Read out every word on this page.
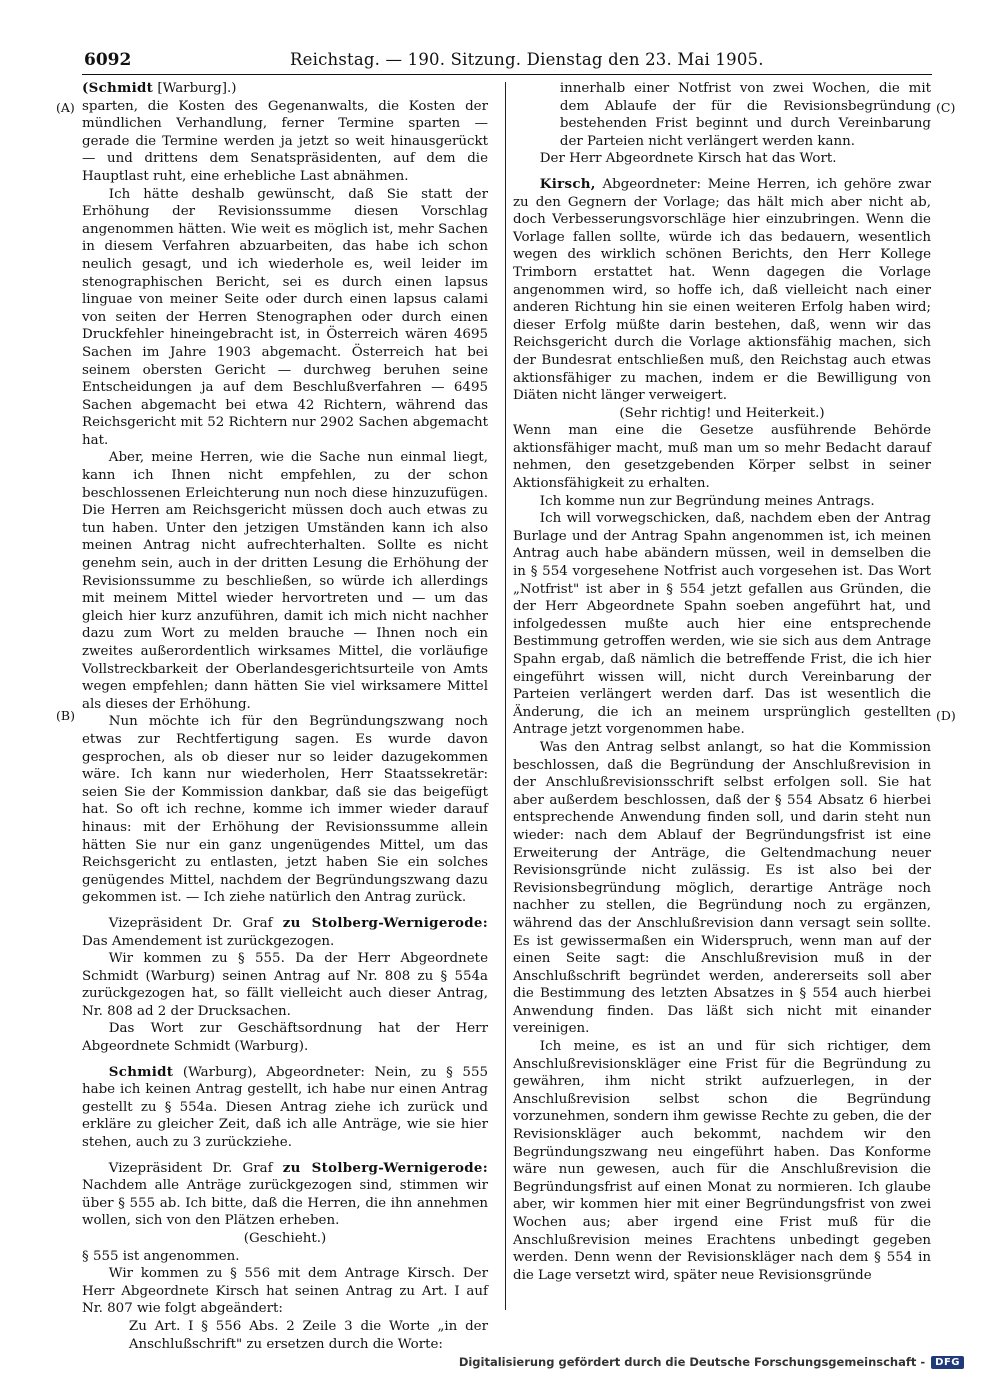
6092	Reichstag. — 190. Sitzung. Dienstag den 23. Mai 1905.
(A)
(B)
(C)
(D)

(Schmidt [Warburg].)

sparten, die Kosten des Gegenanwalts, die Kosten der mündlichen Verhandlung, ferner Termine sparten — gerade die Termine werden ja jetzt so weit hinausgerückt — und drittens dem Senatspräsidenten, auf dem die Hauptlast ruht, eine erhebliche Last abnähmen.

Ich hätte deshalb gewünscht, daß Sie statt der Erhöhung der Revisionssumme diesen Vorschlag angenommen hätten. Wie weit es möglich ist, mehr Sachen in diesem Verfahren abzuarbeiten, das habe ich schon neulich gesagt, und ich wiederhole es, weil leider im stenographischen Bericht, sei es durch einen lapsus linguae von meiner Seite oder durch einen lapsus calami von seiten der Herren Stenographen oder durch einen Druckfehler hineingebracht ist, in Österreich wären 4695 Sachen im Jahre 1903 abgemacht. Österreich hat bei seinem obersten Gericht — durchweg beruhen seine Entscheidungen ja auf dem Beschlußverfahren — 6495 Sachen abgemacht bei etwa 42 Richtern, während das Reichsgericht mit 52 Richtern nur 2902 Sachen abgemacht hat.

Aber, meine Herren, wie die Sache nun einmal liegt, kann ich Ihnen nicht empfehlen, zu der schon beschlossenen Erleichterung nun noch diese hinzuzufügen. Die Herren am Reichsgericht müssen doch auch etwas zu tun haben. Unter den jetzigen Umständen kann ich also meinen Antrag nicht aufrechterhalten. Sollte es nicht genehm sein, auch in der dritten Lesung die Erhöhung der Revisionssumme zu beschließen, so würde ich allerdings mit meinem Mittel wieder hervortreten und — um das gleich hier kurz anzuführen, damit ich mich nicht nachher dazu zum Wort zu melden brauche — Ihnen noch ein zweites außerordentlich wirksames Mittel, die vorläufige Vollstreckbarkeit der Oberlandesgerichtsurteile von Amts wegen empfehlen; dann hätten Sie viel wirksamere Mittel als dieses der Erhöhung.

Nun möchte ich für den Begründungszwang noch etwas zur Rechtfertigung sagen. Es wurde davon gesprochen, als ob dieser nur so leider dazugekommen wäre. Ich kann nur wiederholen, Herr Staatssekretär: seien Sie der Kommission dankbar, daß sie das beigefügt hat. So oft ich rechne, komme ich immer wieder darauf hinaus: mit der Erhöhung der Revisionssumme allein hätten Sie nur ein ganz ungenügendes Mittel, um das Reichsgericht zu entlasten, jetzt haben Sie ein solches genügendes Mittel, nachdem der Begründungszwang dazu gekommen ist. — Ich ziehe natürlich den Antrag zurück.

Vizepräsident Dr. Graf zu Stolberg-Wernigerode: Das Amendement ist zurückgezogen.

Wir kommen zu § 555. Da der Herr Abgeordnete Schmidt (Warburg) seinen Antrag auf Nr. 808 zu § 554a zurückgezogen hat, so fällt vielleicht auch dieser Antrag, Nr. 808 ad 2 der Drucksachen.

Das Wort zur Geschäftsordnung hat der Herr Abgeordnete Schmidt (Warburg).

Schmidt (Warburg), Abgeordneter: Nein, zu § 555 habe ich keinen Antrag gestellt, ich habe nur einen Antrag gestellt zu § 554a. Diesen Antrag ziehe ich zurück und erkläre zu gleicher Zeit, daß ich alle Anträge, wie sie hier stehen, auch zu 3 zurückziehe.

Vizepräsident Dr. Graf zu Stolberg-Wernigerode: Nachdem alle Anträge zurückgezogen sind, stimmen wir über § 555 ab. Ich bitte, daß die Herren, die ihn annehmen wollen, sich von den Plätzen erheben.

(Geschieht.)

§ 555 ist angenommen.

Wir kommen zu § 556 mit dem Antrage Kirsch. Der Herr Abgeordnete Kirsch hat seinen Antrag zu Art. I auf Nr. 807 wie folgt abgeändert:

Zu Art. I § 556 Abs. 2 Zeile 3 die Worte „in der Anschlußschrift" zu ersetzen durch die Worte:

innerhalb einer Notfrist von zwei Wochen, die mit dem Ablaufe der für die Revisionsbegründung bestehenden Frist beginnt und durch Vereinbarung der Parteien nicht verlängert werden kann.

Der Herr Abgeordnete Kirsch hat das Wort.

Kirsch, Abgeordneter: Meine Herren, ich gehöre zwar zu den Gegnern der Vorlage; das hält mich aber nicht ab, doch Verbesserungsvorschläge hier einzubringen. Wenn die Vorlage fallen sollte, würde ich das bedauern, wesentlich wegen des wirklich schönen Berichts, den Herr Kollege Trimborn erstattet hat. Wenn dagegen die Vorlage angenommen wird, so hoffe ich, daß vielleicht nach einer anderen Richtung hin sie einen weiteren Erfolg haben wird; dieser Erfolg müßte darin bestehen, daß, wenn wir das Reichsgericht durch die Vorlage aktionsfähig machen, sich der Bundesrat entschließen muß, den Reichstag auch etwas aktionsfähiger zu machen, indem er die Bewilligung von Diäten nicht länger verweigert.

(Sehr richtig! und Heiterkeit.)

Wenn man eine die Gesetze ausführende Behörde aktionsfähiger macht, muß man um so mehr Bedacht darauf nehmen, den gesetzgebenden Körper selbst in seiner Aktionsfähigkeit zu erhalten.

Ich komme nun zur Begründung meines Antrags.

Ich will vorwegschicken, daß, nachdem eben der Antrag Burlage und der Antrag Spahn angenommen ist, ich meinen Antrag auch habe abändern müssen, weil in demselben die in § 554 vorgesehene Notfrist auch vorgesehen ist. Das Wort „Notfrist" ist aber in § 554 jetzt gefallen aus Gründen, die der Herr Abgeordnete Spahn soeben angeführt hat, und infolgedessen mußte auch hier eine entsprechende Bestimmung getroffen werden, wie sie sich aus dem Antrage Spahn ergab, daß nämlich die betreffende Frist, die ich hier eingeführt wissen will, nicht durch Vereinbarung der Parteien verlängert werden darf. Das ist wesentlich die Änderung, die ich an meinem ursprünglich gestellten Antrage jetzt vorgenommen habe.

Was den Antrag selbst anlangt, so hat die Kommission beschlossen, daß die Begründung der Anschlußrevision in der Anschlußrevisionsschrift selbst erfolgen soll. Sie hat aber außerdem beschlossen, daß der § 554 Absatz 6 hierbei entsprechende Anwendung finden soll, und darin steht nun wieder: nach dem Ablauf der Begründungsfrist ist eine Erweiterung der Anträge, die Geltendmachung neuer Revisionsgründe nicht zulässig. Es ist also bei der Revisionsbegründung möglich, derartige Anträge noch nachher zu stellen, die Begründung noch zu ergänzen, während das der Anschlußrevision dann versagt sein sollte. Es ist gewissermaßen ein Widerspruch, wenn man auf der einen Seite sagt: die Anschlußrevision muß in der Anschlußschrift begründet werden, andererseits soll aber die Bestimmung des letzten Absatzes in § 554 auch hierbei Anwendung finden. Das läßt sich nicht mit einander vereinigen.

Ich meine, es ist an und für sich richtiger, dem Anschlußrevisionskläger eine Frist für die Begründung zu gewähren, ihm nicht strikt aufzuerlegen, in der Anschlußrevision selbst schon die Begründung vorzunehmen, sondern ihm gewisse Rechte zu geben, die der Revisionskläger auch bekommt, nachdem wir den Begründungszwang neu eingeführt haben. Das Konforme wäre nun gewesen, auch für die Anschlußrevision die Begründungsfrist auf einen Monat zu normieren. Ich glaube aber, wir kommen hier mit einer Begründungsfrist von zwei Wochen aus; aber irgend eine Frist muß für die Anschlußrevision meines Erachtens unbedingt gegeben werden. Denn wenn der Revisionskläger nach dem § 554 in die Lage versetzt wird, später neue Revisionsgründe

Digitalisierung gefördert durch die Deutsche Forschungsgemeinschaft -	DFG
